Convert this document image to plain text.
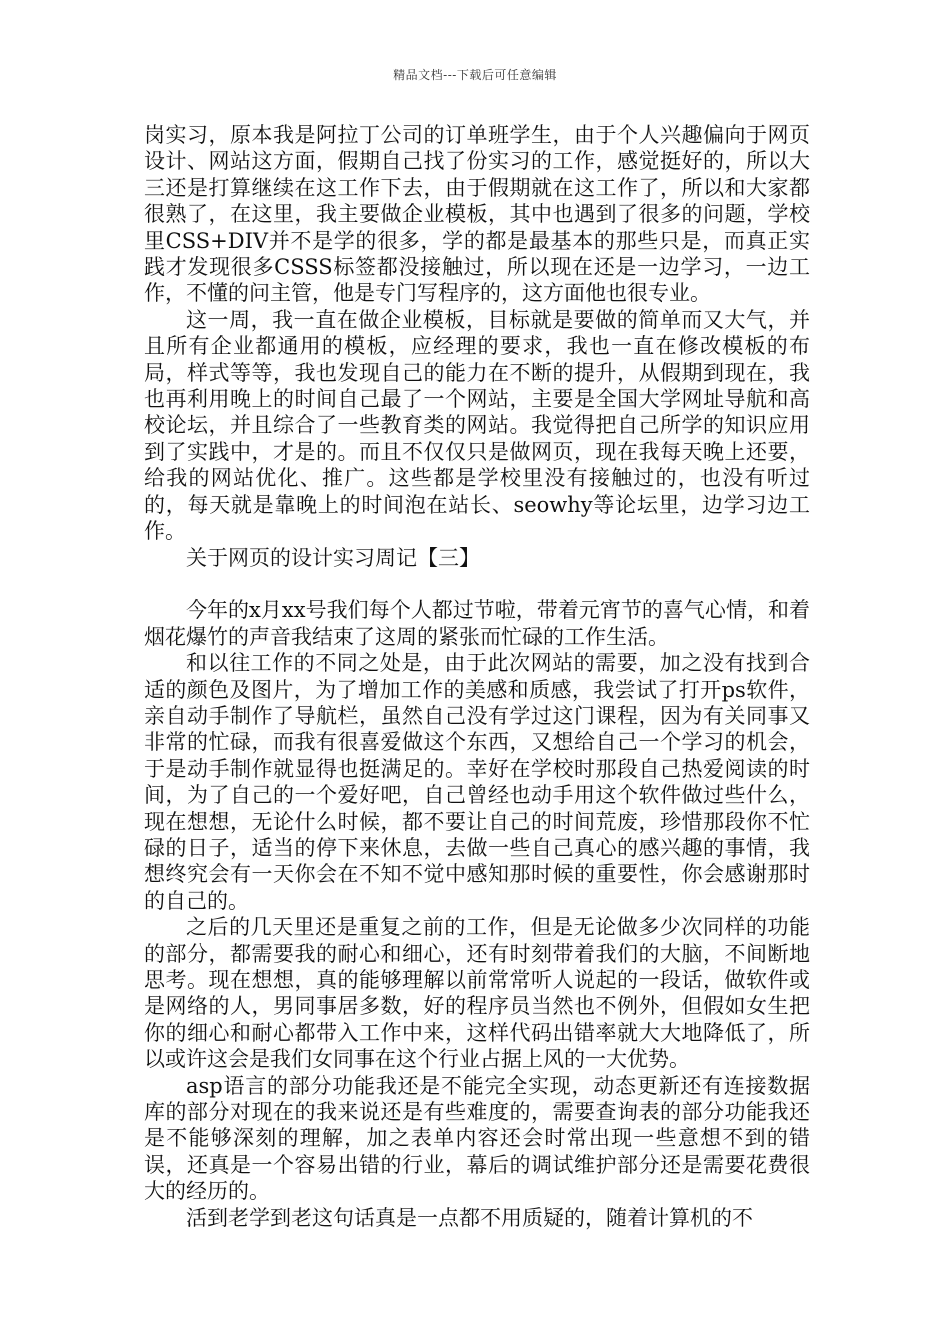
精品文档---下载后可任意编辑

岗实习，原本我是阿拉丁公司的订单班学生，由于个人兴趣偏向于网页设计、网站这方面，假期自己找了份实习的工作，感觉挺好的，所以大三还是打算继续在这工作下去，由于假期就在这工作了，所以和大家都很熟了，在这里，我主要做企业模板，其中也遇到了很多的问题，学校里CSS+DIV并不是学的很多，学的都是最基本的那些只是，而真正实践才发现很多CSSS标签都没接触过，所以现在还是一边学习，一边工作，不懂的问主管，他是专门写程序的，这方面他也很专业。

这一周，我一直在做企业模板，目标就是要做的简单而又大气，并且所有企业都通用的模板，应经理的要求，我也一直在修改模板的布局，样式等等，我也发现自己的能力在不断的提升，从假期到现在，我也再利用晚上的时间自己最了一个网站，主要是全国大学网址导航和高校论坛，并且综合了一些教育类的网站。我觉得把自己所学的知识应用到了实践中，才是的。而且不仅仅只是做网页，现在我每天晚上还要，给我的网站优化、推广。这些都是学校里没有接触过的，也没有听过的，每天就是靠晚上的时间泡在站长、seowhy等论坛里，边学习边工作。

关于网页的设计实习周记【三】

今年的x月xx号我们每个人都过节啦，带着元宵节的喜气心情，和着烟花爆竹的声音我结束了这周的紧张而忙碌的工作生活。

和以往工作的不同之处是，由于此次网站的需要，加之没有找到合适的颜色及图片，为了增加工作的美感和质感，我尝试了打开ps软件，亲自动手制作了导航栏，虽然自己没有学过这门课程，因为有关同事又非常的忙碌，而我有很喜爱做这个东西，又想给自己一个学习的机会，于是动手制作就显得也挺满足的。幸好在学校时那段自己热爱阅读的时间，为了自己的一个爱好吧，自己曾经也动手用这个软件做过些什么，现在想想，无论什么时候，都不要让自己的时间荒废，珍惜那段你不忙碌的日子，适当的停下来休息，去做一些自己真心的感兴趣的事情，我想终究会有一天你会在不知不觉中感知那时候的重要性，你会感谢那时的自己的。

之后的几天里还是重复之前的工作，但是无论做多少次同样的功能的部分，都需要我的耐心和细心，还有时刻带着我们的大脑，不间断地思考。现在想想，真的能够理解以前常常听人说起的一段话，做软件或是网络的人，男同事居多数，好的程序员当然也不例外，但假如女生把你的细心和耐心都带入工作中来，这样代码出错率就大大地降低了，所以或许这会是我们女同事在这个行业占据上风的一大优势。

asp语言的部分功能我还是不能完全实现，动态更新还有连接数据库的部分对现在的我来说还是有些难度的，需要查询表的部分功能我还是不能够深刻的理解，加之表单内容还会时常出现一些意想不到的错误，还真是一个容易出错的行业，幕后的调试维护部分还是需要花费很大的经历的。

活到老学到老这句话真是一点都不用质疑的，随着计算机的不
